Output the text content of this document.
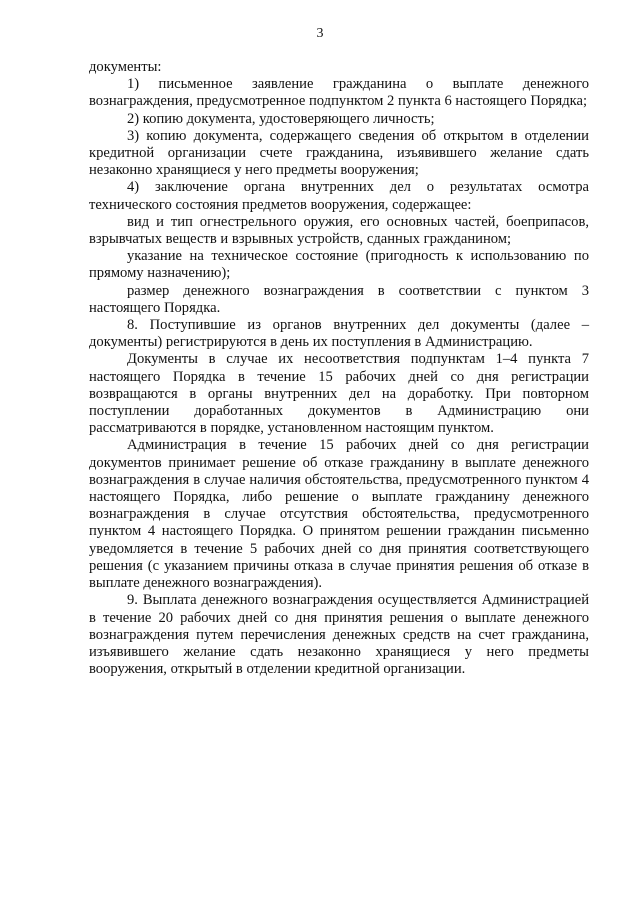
3

документы:

1) письменное заявление гражданина о выплате денежного вознаграждения, предусмотренное подпунктом 2 пункта 6 настоящего Порядка;

2) копию документа, удостоверяющего личность;

3) копию документа, содержащего сведения об открытом в отделении кредитной организации счете гражданина, изъявившего желание сдать незаконно хранящиеся у него предметы вооружения;

4) заключение органа внутренних дел о результатах осмотра технического состояния предметов вооружения, содержащее:

вид и тип огнестрельного оружия, его основных частей, боеприпасов, взрывчатых веществ и взрывных устройств, сданных гражданином;

указание на техническое состояние (пригодность к использованию по прямому назначению);

размер денежного вознаграждения в соответствии с пунктом 3 настоящего Порядка.

8. Поступившие из органов внутренних дел документы (далее – документы) регистрируются в день их поступления в Администрацию.

Документы в случае их несоответствия подпунктам 1–4 пункта 7 настоящего Порядка в течение 15 рабочих дней со дня регистрации возвращаются в органы внутренних дел на доработку. При повторном поступлении доработанных документов в Администрацию они рассматриваются в порядке, установленном настоящим пунктом.

Администрация в течение 15 рабочих дней со дня регистрации документов принимает решение об отказе гражданину в выплате денежного вознаграждения в случае наличия обстоятельства, предусмотренного пунктом 4 настоящего Порядка, либо решение о выплате гражданину денежного вознаграждения в случае отсутствия обстоятельства, предусмотренного пунктом 4 настоящего Порядка. О принятом решении гражданин письменно уведомляется в течение 5 рабочих дней со дня принятия соответствующего решения (с указанием причины отказа в случае принятия решения об отказе в выплате денежного вознаграждения).

9. Выплата денежного вознаграждения осуществляется Администрацией в течение 20 рабочих дней со дня принятия решения о выплате денежного вознаграждения путем перечисления денежных средств на счет гражданина, изъявившего желание сдать незаконно хранящиеся у него предметы вооружения, открытый в отделении кредитной организации.
